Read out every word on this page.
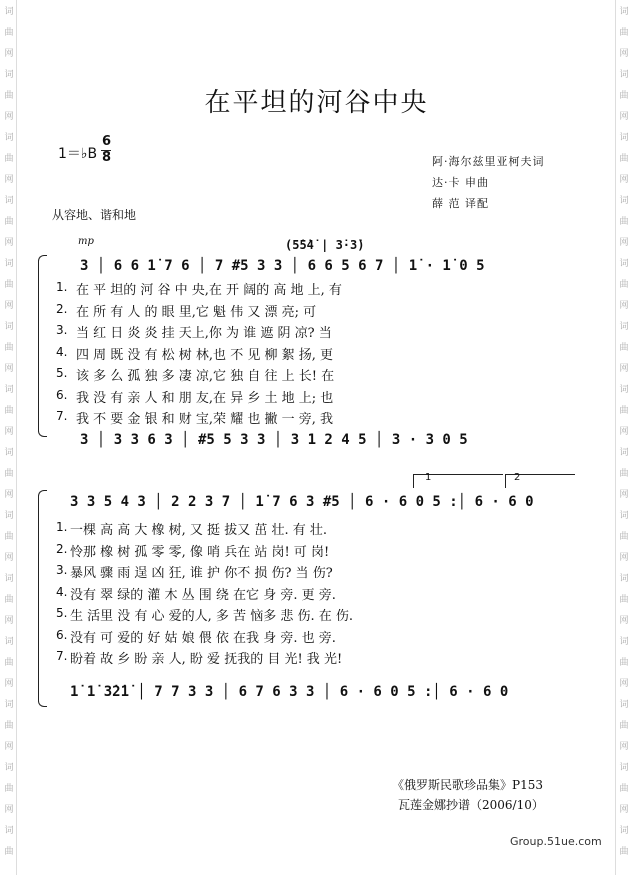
词
曲
网
词
曲
网
词
曲
网
词
曲
网
词
曲
网
词
曲
网
词
曲
网
词
曲
网
词
曲
网
词
曲
网
词
曲
网
词
曲
网
词
曲
网
词
曲
词
曲
网
词
曲
网
词
曲
网
词
曲
网
词
曲
网
词
曲
网
词
曲
网
词
曲
网
词
曲
网
词
曲
网
词
曲
网
词
曲
网
词
曲
网
词
曲
在平坦的河谷中央
1＝♭B
6
8	阿·海尔兹里亚柯夫词
达·卡 申曲
薛 范 译配
从容地、谐和地
mp	(5̇5̇4̇ | 3̇·3̇)
3 │ 6 6 1̇ 7 6 │ 7 #5 3 3 │ 6 6 5 6 7 │ 1̇ · 1̇ 0 5
1. 在 平 坦的 河 谷 中 央,在 开 阔的 高 地 上, 有
2. 在 所 有 人 的 眼 里,它 魁 伟 又 漂 亮; 可
3. 当 红 日 炎 炎 挂 天上,你 为 谁 遮 阴 凉? 当
4. 四 周 既 没 有 松 树 林,也 不 见 柳 絮 扬, 更
5. 该 多 么 孤 独 多 凄 凉,它 独 自 往 上 长! 在
6. 我 没 有 亲 人 和 朋 友,在 异 乡 土 地 上; 也
7. 我 不 要 金 银 和 财 宝,荣 耀 也 撇 一 旁, 我
3 │ 3 3 6 3 │ #5 5 3 3 │ 3 1 2 4 5 │ 3 · 3 0 5
1	2
3 3 5 4 3 │ 2 2 3 7 │ 1̇ 7 6 3 #5 │ 6 · 6 0 5 :│ 6 · 6 0
1. 一棵 高 高 大 橡 树, 又 挺 拔又 茁 壮. 有 壮.
2. 怜那 橡 树 孤 零 零, 像 哨 兵在 站 岗! 可 岗!
3. 暴风 骤 雨 逞 凶 狂, 谁 护 你不 损 伤? 当 伤?
4. 没有 翠 绿的 灌 木 丛 围 绕 在它 身 旁. 更 旁.
5. 生 活里 没 有 心 爱的人, 多 苦 恼多 悲 伤. 在 伤.
6. 没有 可 爱的 好 姑 娘 偎 依 在我 身 旁. 也 旁.
7. 盼着 故 乡 盼 亲 人, 盼 爱 抚我的 目 光! 我 光!
1̇ 1̇ 3̇2̇1̇ │ 7 7 3 3 │ 6 7 6 3 3 │ 6 · 6 0 5 :│ 6 · 6 0
《俄罗斯民歌珍品集》P153
瓦莲金娜抄谱（2006/10）
Group.51ue.com
